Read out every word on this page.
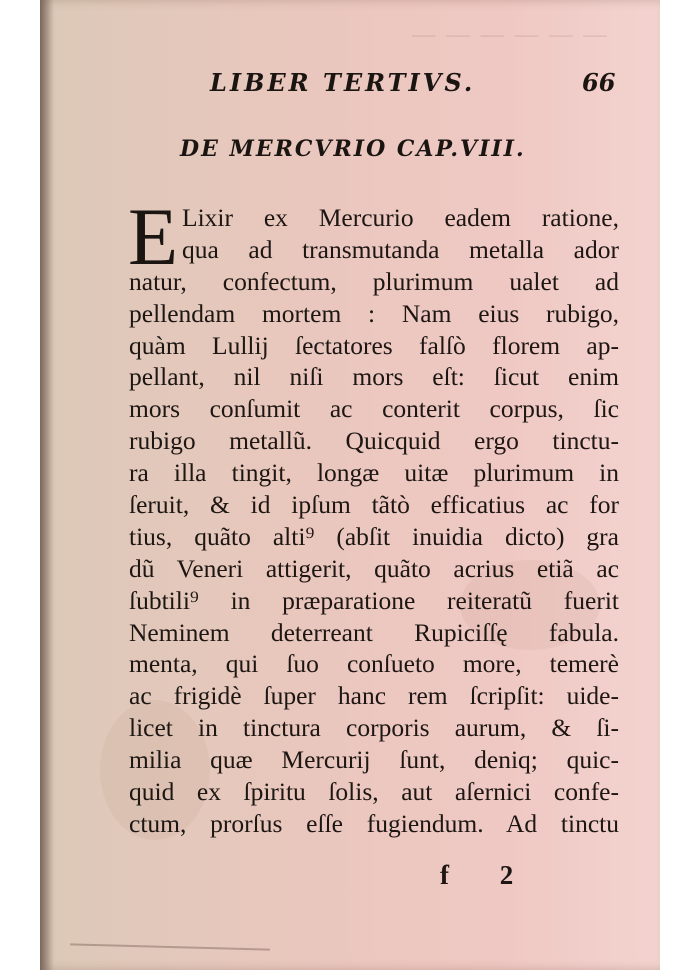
— — — — — —
LIBER TERTIVS.	66
DE MERCVRIO CAP.VIII.
E Lixir ex Mercurio eadem ratione,
qua ad transmutanda metalla ador
natur, confectum, plurimum ualet ad
pellendam mortem : Nam eius rubigo,
quàm Lullij ſectatores falſò florem ap-
pellant, nil niſi mors eſt: ſicut enim
mors conſumit ac conterit corpus, ſic
rubigo metallũ. Quicquid ergo tinctu-
ra illa tingit, longæ uitæ plurimum in
ſeruit, & id ipſum tãtò efficatius ac for
tius, quãto alti⁹ (abſit inuidia dicto) gra
dũ Veneri attigerit, quãto acrius etiã ac
ſubtili⁹ in præparatione reiteratũ fuerit
Neminem deterreant Rupiciſſę fabula.
menta, qui ſuo conſueto more, temerè
ac frigidè ſuper hanc rem ſcripſit: uide-
licet in tinctura corporis aurum, & ſi-
milia quæ Mercurij ſunt, deniq; quic-
quid ex ſpiritu ſolis, aut aſernici confe-
ctum, prorſus eſſe fugiendum. Ad tinctu
f 2
